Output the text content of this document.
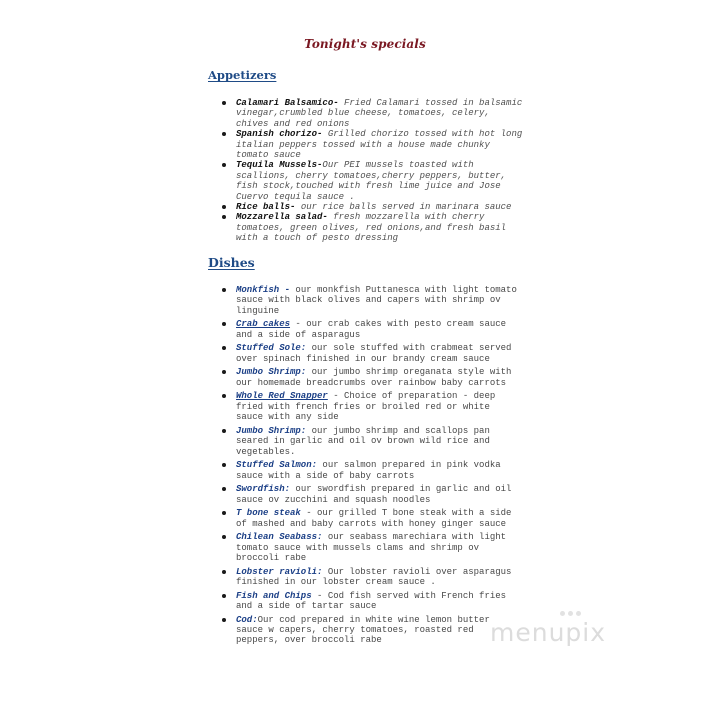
Tonight's specials
Appetizers
Calamari Balsamico- Fried Calamari tossed in balsamic vinegar,crumbled blue cheese, tomatoes, celery, chives and red onions
Spanish chorizo- Grilled chorizo tossed with hot long italian peppers tossed with a house made chunky tomato sauce
Tequila Mussels-Our PEI mussels toasted with scallions, cherry tomatoes,cherry peppers, butter, fish stock,touched with fresh lime juice and Jose Cuervo tequila sauce .
Rice balls- our rice balls served in marinara sauce
Mozzarella salad- fresh mozzarella with cherry tomatoes, green olives, red onions,and fresh basil with a touch of pesto dressing
Dishes
Monkfish - our monkfish Puttanesca with light tomato sauce with black olives and capers with shrimp ov linguine
Crab cakes - our crab cakes with pesto cream sauce and a side of asparagus
Stuffed Sole: our sole stuffed with crabmeat served over spinach finished in our brandy cream sauce
Jumbo Shrimp: our jumbo shrimp oreganata style with our homemade breadcrumbs over rainbow baby carrots
Whole Red Snapper - Choice of preparation - deep fried with french fries or broiled red or white sauce with any side
Jumbo Shrimp: our jumbo shrimp and scallops pan seared in garlic and oil ov brown wild rice and vegetables.
Stuffed Salmon: our salmon prepared in pink vodka sauce with a side of baby carrots
Swordfish: our swordfish prepared in garlic and oil sauce ov zucchini and squash noodles
T bone steak - our grilled T bone steak with a side of mashed and baby carrots with honey ginger sauce
Chilean Seabass: our seabass marechiara with light tomato sauce with mussels clams and shrimp ov broccoli rabe
Lobster ravioli: Our lobster ravioli over asparagus finished in our lobster cream sauce .
Fish and Chips - Cod fish served with French fries and a side of tartar sauce
Cod:Our cod prepared in white wine lemon butter sauce w capers, cherry tomatoes, roasted red peppers, over broccoli rabe	menupix
